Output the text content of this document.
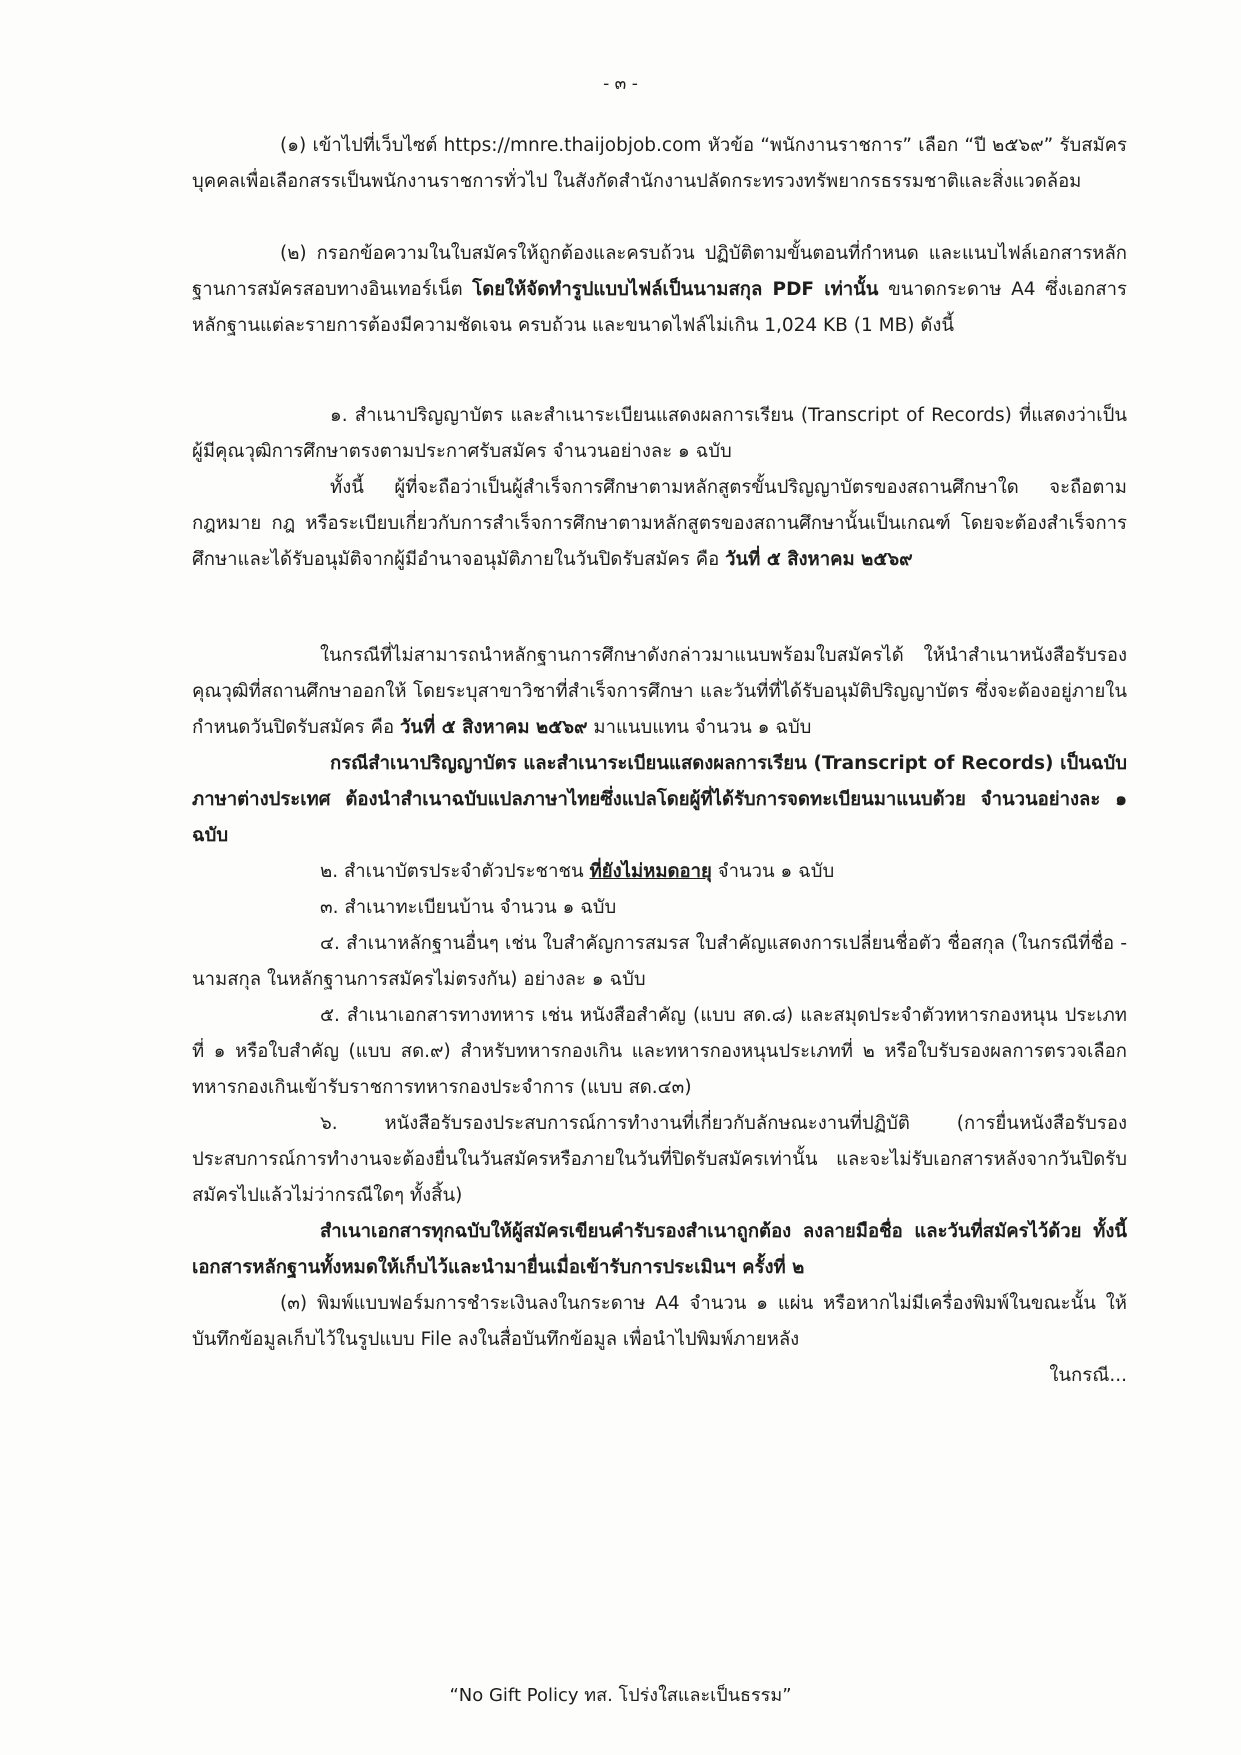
- ๓ -

(๑) เข้าไปที่เว็บไซต์ https://mnre.thaijobjob.com หัวข้อ “พนักงานราชการ” เลือก “ปี ๒๕๖๙” รับสมัครบุคคลเพื่อเลือกสรรเป็นพนักงานราชการทั่วไป ในสังกัดสำนักงานปลัดกระทรวงทรัพยากรธรรมชาติและสิ่งแวดล้อม

(๒) กรอกข้อความในใบสมัครให้ถูกต้องและครบถ้วน ปฏิบัติตามขั้นตอนที่กำหนด และแนบไฟล์เอกสารหลักฐานการสมัครสอบทางอินเทอร์เน็ต โดยให้จัดทำรูปแบบไฟล์เป็นนามสกุล PDF เท่านั้น ขนาดกระดาษ A4 ซึ่งเอกสารหลักฐานแต่ละรายการต้องมีความชัดเจน ครบถ้วน และขนาดไฟล์ไม่เกิน 1,024 KB (1 MB) ดังนี้

๑. สำเนาปริญญาบัตร และสำเนาระเบียนแสดงผลการเรียน (Transcript of Records) ที่แสดงว่าเป็นผู้มีคุณวุฒิการศึกษาตรงตามประกาศรับสมัคร จำนวนอย่างละ ๑ ฉบับ

ทั้งนี้ ผู้ที่จะถือว่าเป็นผู้สำเร็จการศึกษาตามหลักสูตรขั้นปริญญาบัตรของสถานศึกษาใด จะถือตามกฎหมาย กฎ หรือระเบียบเกี่ยวกับการสำเร็จการศึกษาตามหลักสูตรของสถานศึกษานั้นเป็นเกณฑ์ โดยจะต้องสำเร็จการศึกษาและได้รับอนุมัติจากผู้มีอำนาจอนุมัติภายในวันปิดรับสมัคร คือ วันที่ ๕ สิงหาคม ๒๕๖๙

ในกรณีที่ไม่สามารถนำหลักฐานการศึกษาดังกล่าวมาแนบพร้อมใบสมัครได้ ให้นำสำเนาหนังสือรับรองคุณวุฒิที่สถานศึกษาออกให้ โดยระบุสาขาวิชาที่สำเร็จการศึกษา และวันที่ที่ได้รับอนุมัติปริญญาบัตร ซึ่งจะต้องอยู่ภายในกำหนดวันปิดรับสมัคร คือ วันที่ ๕ สิงหาคม ๒๕๖๙ มาแนบแทน จำนวน ๑ ฉบับ

กรณีสำเนาปริญญาบัตร และสำเนาระเบียนแสดงผลการเรียน (Transcript of Records) เป็นฉบับภาษาต่างประเทศ ต้องนำสำเนาฉบับแปลภาษาไทยซึ่งแปลโดยผู้ที่ได้รับการจดทะเบียนมาแนบด้วย จำนวนอย่างละ ๑ ฉบับ

๒. สำเนาบัตรประจำตัวประชาชน ที่ยังไม่หมดอายุ จำนวน ๑ ฉบับ
๓. สำเนาทะเบียนบ้าน จำนวน ๑ ฉบับ

๔. สำเนาหลักฐานอื่นๆ เช่น ใบสำคัญการสมรส ใบสำคัญแสดงการเปลี่ยนชื่อตัว ชื่อสกุล (ในกรณีที่ชื่อ - นามสกุล ในหลักฐานการสมัครไม่ตรงกัน) อย่างละ ๑ ฉบับ

๕. สำเนาเอกสารทางทหาร เช่น หนังสือสำคัญ (แบบ สด.๘) และสมุดประจำตัวทหารกองหนุน ประเภทที่ ๑ หรือใบสำคัญ (แบบ สด.๙) สำหรับทหารกองเกิน และทหารกองหนุนประเภทที่ ๒ หรือใบรับรองผลการตรวจเลือกทหารกองเกินเข้ารับราชการทหารกองประจำการ (แบบ สด.๔๓)

๖. หนังสือรับรองประสบการณ์การทำงานที่เกี่ยวกับลักษณะงานที่ปฏิบัติ (การยื่นหนังสือรับรองประสบการณ์การทำงานจะต้องยื่นในวันสมัครหรือภายในวันที่ปิดรับสมัครเท่านั้น และจะไม่รับเอกสารหลังจากวันปิดรับสมัครไปแล้วไม่ว่ากรณีใดๆ ทั้งสิ้น)

สำเนาเอกสารทุกฉบับให้ผู้สมัครเขียนคำรับรองสำเนาถูกต้อง ลงลายมือชื่อ และวันที่สมัครไว้ด้วย ทั้งนี้ เอกสารหลักฐานทั้งหมดให้เก็บไว้และนำมายื่นเมื่อเข้ารับการประเมินฯ ครั้งที่ ๒

(๓) พิมพ์แบบฟอร์มการชำระเงินลงในกระดาษ A4 จำนวน ๑ แผ่น หรือหากไม่มีเครื่องพิมพ์ในขณะนั้น ให้บันทึกข้อมูลเก็บไว้ในรูปแบบ File ลงในสื่อบันทึกข้อมูล เพื่อนำไปพิมพ์ภายหลัง

ในกรณี...
“No Gift Policy ทส. โปร่งใสและเป็นธรรม”
